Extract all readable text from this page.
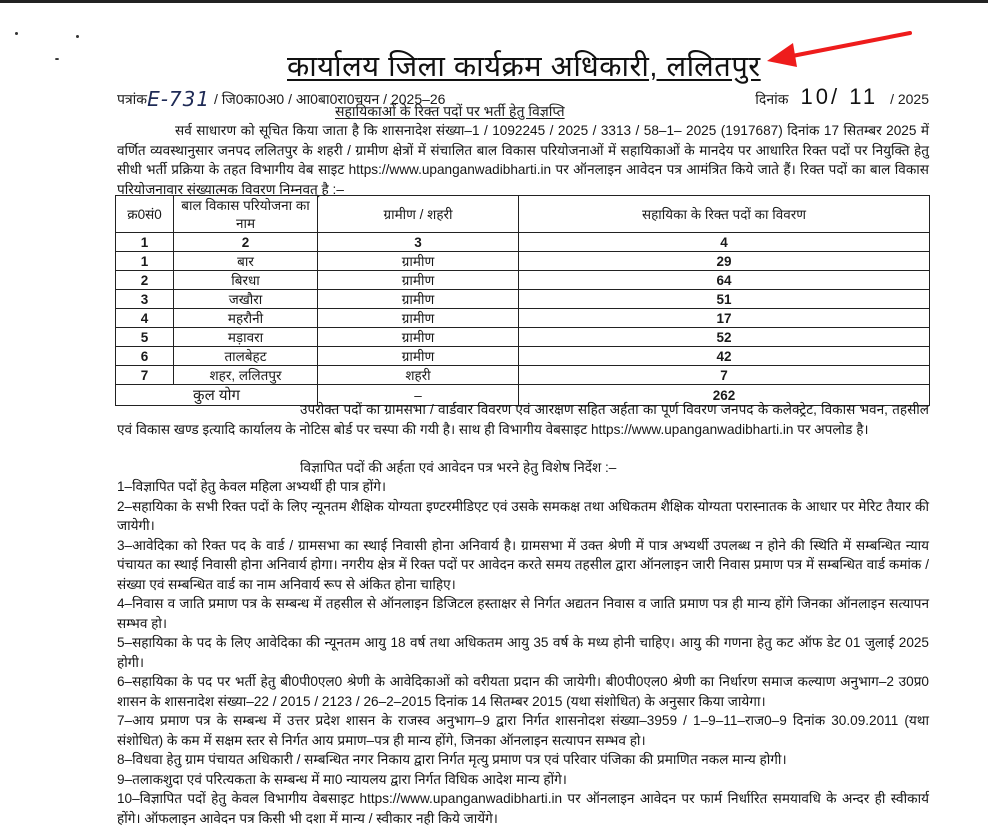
कार्यालय जिला कार्यक्रम अधिकारी, ललितपुर
पत्रांकE-731 / जि0का0अ0 / आ0बा0रा0चयन / 2025–26	दिनांक 10/ 11 / 2025
सहायिकाओं के रिक्त पदों पर भर्ती हेतु विज्ञप्ति
सर्व साधारण को सूचित किया जाता है कि शासनादेश संख्या–1 / 1092245 / 2025 / 3313 / 58–1– 2025 (1917687) दिनांक 17 सितम्बर 2025 में वर्णित व्यवस्थानुसार जनपद ललितपुर के शहरी / ग्रामीण क्षेत्रों में संचालित बाल विकास परियोजनाओं में सहायिकाओं के मानदेय पर आधारित रिक्त पदों पर नियुक्ति हेतु सीधी भर्ती प्रक्रिया के तहत विभागीय वेब साइट https://www.upanganwadibharti.in पर ऑनलाइन आवेदन पत्र आमंत्रित किये जाते हैं। रिक्त पदों का बाल विकास परियोजनावार संख्यात्मक विवरण निम्नवत् है :–
क्र0सं0	बाल विकास परियोजना का नाम	ग्रामीण / शहरी	सहायिका के रिक्त पदों का विवरण
1	2	3	4
1	बार	ग्रामीण	29
2	बिरधा	ग्रामीण	64
3	जखौरा	ग्रामीण	51
4	महरौनी	ग्रामीण	17
5	मड़ावरा	ग्रामीण	52
6	तालबेहट	ग्रामीण	42
7	शहर, ललितपुर	शहरी	7
कुल योग		–	262
उपरोक्त पदों का ग्रामसभा / वार्डवार विवरण एवं आरक्षण सहित अर्हता का पूर्ण विवरण जनपद के कलेक्ट्रेट, विकास भवन, तहसील एवं विकास खण्ड इत्यादि कार्यालय के नोटिस बोर्ड पर चस्पा की गयी है। साथ ही विभागीय वेबसाइट https://www.upanganwadibharti.in पर अपलोड है।
विज्ञापित पदों की अर्हता एवं आवेदन पत्र भरने हेतु विशेष निर्देश :–
1–विज्ञापित पदों हेतु केवल महिला अभ्यर्थी ही पात्र होंगे।
2–सहायिका के सभी रिक्त पदों के लिए न्यूनतम शैक्षिक योग्यता इण्टरमीडिएट एवं उसके समकक्ष तथा अधिकतम शैक्षिक योग्यता परास्नातक के आधार पर मेरिट तैयार की जायेगी।
3–आवेदिका को रिक्त पद के वार्ड / ग्रामसभा का स्थाई निवासी होना अनिवार्य है। ग्रामसभा में उक्त श्रेणी में पात्र अभ्यर्थी उपलब्ध न होने की स्थिति में सम्बन्धित न्याय पंचायत का स्थाई निवासी होना अनिवार्य होगा। नगरीय क्षेत्र में रिक्त पदों पर आवेदन करते समय तहसील द्वारा ऑनलाइन जारी निवास प्रमाण पत्र में सम्बन्धित वार्ड कमांक / संख्या एवं सम्बन्धित वार्ड का नाम अनिवार्य रूप से अंकित होना चाहिए।
4–निवास व जाति प्रमाण पत्र के सम्बन्ध में तहसील से ऑनलाइन डिजिटल हस्ताक्षर से निर्गत अद्यतन निवास व जाति प्रमाण पत्र ही मान्य होंगे जिनका ऑनलाइन सत्यापन सम्भव हो।
5–सहायिका के पद के लिए आवेदिका की न्यूनतम आयु 18 वर्ष तथा अधिकतम आयु 35 वर्ष के मध्य होनी चाहिए। आयु की गणना हेतु कट ऑफ डेट 01 जुलाई 2025 होगी।
6–सहायिका के पद पर भर्ती हेतु बी0पी0एल0 श्रेणी के आवेदिकाओं को वरीयता प्रदान की जायेगी। बी0पी0एल0 श्रेणी का निर्धारण समाज कल्याण अनुभाग–2 उ0प्र0 शासन के शासनादेश संख्या–22 / 2015 / 2123 / 26–2–2015 दिनांक 14 सितम्बर 2015 (यथा संशोधित) के अनुसार किया जायेगा।
7–आय प्रमाण पत्र के सम्बन्ध में उत्तर प्रदेश शासन के राजस्व अनुभाग–9 द्वारा निर्गत शासनोदश संख्या–3959 / 1–9–11–राज0–9 दिनांक 30.09.2011 (यथा संशोधित) के कम में सक्षम स्तर से निर्गत आय प्रमाण–पत्र ही मान्य होंगे, जिनका ऑनलाइन सत्यापन सम्भव हो।
8–विधवा हेतु ग्राम पंचायत अधिकारी / सम्बन्धित नगर निकाय द्वारा निर्गत मृत्यु प्रमाण पत्र एवं परिवार पंजिका की प्रमाणित नकल मान्य होगी।
9–तलाकशुदा एवं परित्यकता के सम्बन्ध में मा0 न्यायलय द्वारा निर्गत विधिक आदेश मान्य होंगे।
10–विज्ञापित पदों हेतु केवल विभागीय वेबसाइट https://www.upanganwadibharti.in पर ऑनलाइन आवेदन पर फार्म निर्धारित समयावधि के अन्दर ही स्वीकार्य होंगे। ऑफलाइन आवेदन पत्र किसी भी दशा में मान्य / स्वीकार नही किये जायेंगे।
